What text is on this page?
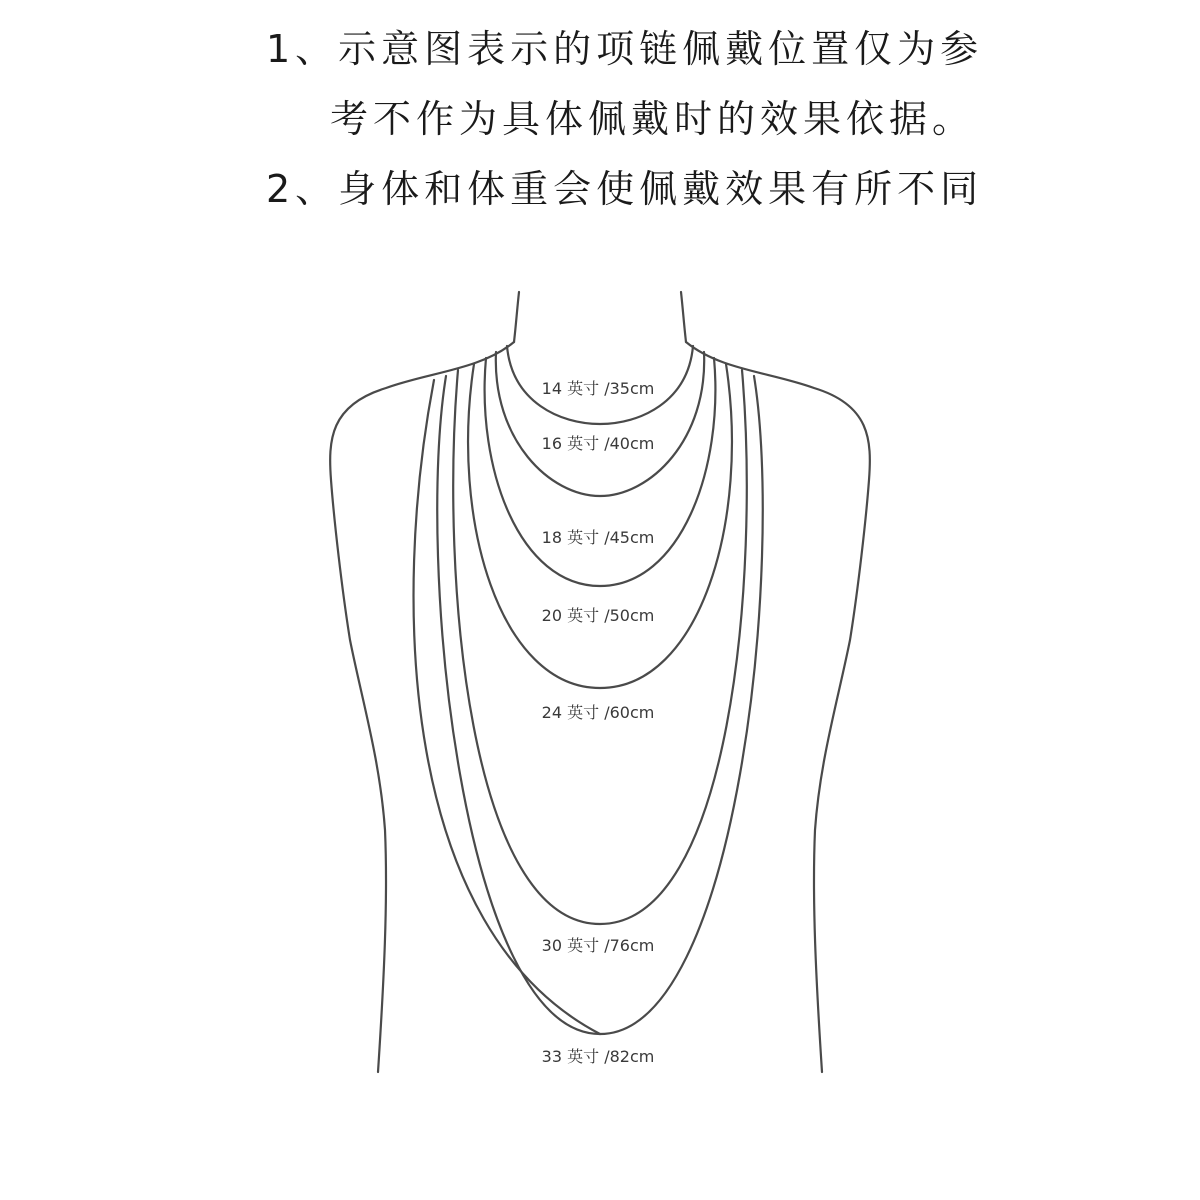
1、示意图表示的项链佩戴位置仅为参
考不作为具体佩戴时的效果依据。
2、身体和体重会使佩戴效果有所不同
14 英寸 /35cm
16 英寸 /40cm
18 英寸 /45cm
20 英寸 /50cm
24 英寸 /60cm
30 英寸 /76cm
33 英寸 /82cm
